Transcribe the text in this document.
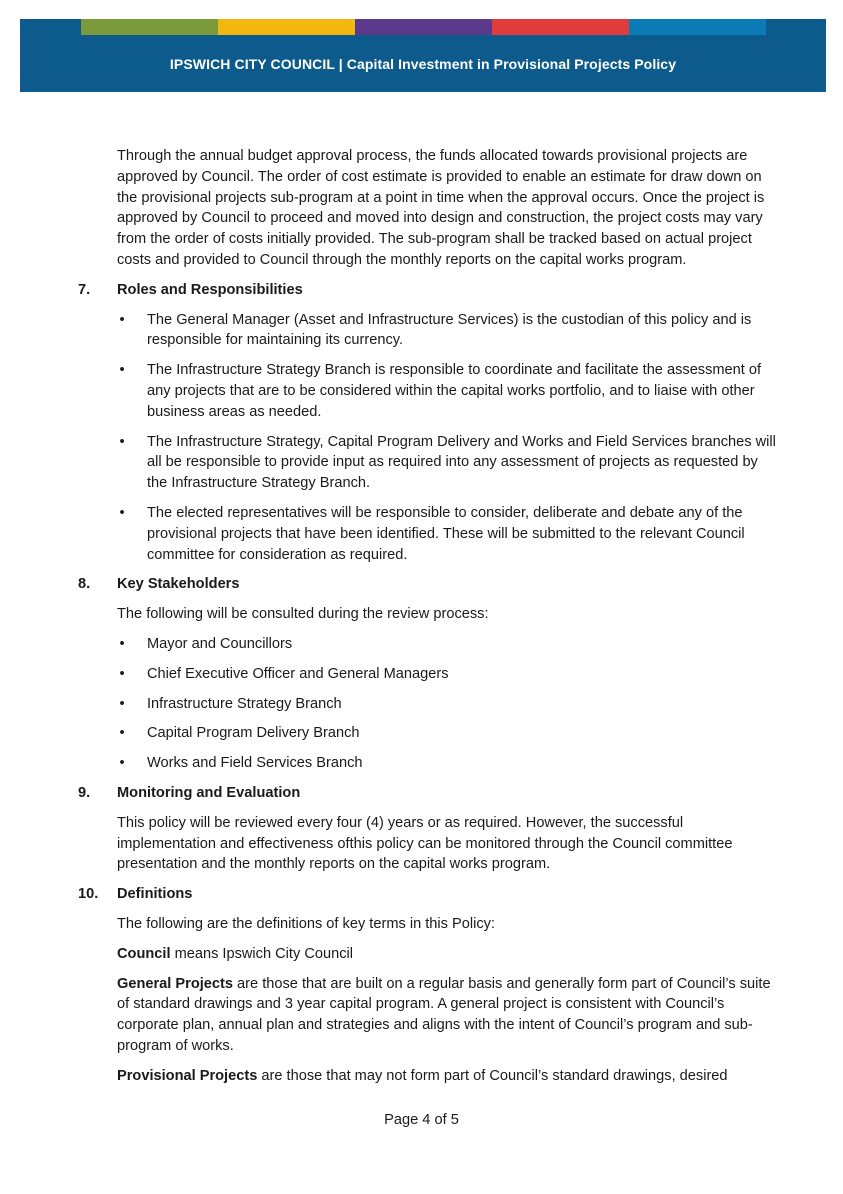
IPSWICH CITY COUNCIL | Capital Investment in Provisional Projects Policy

Through the annual budget approval process, the funds allocated towards provisional projects are approved by Council. The order of cost estimate is provided to enable an estimate for draw down on the provisional projects sub-program at a point in time when the approval occurs. Once the project is approved by Council to proceed and moved into design and construction, the project costs may vary from the order of costs initially provided. The sub-program shall be tracked based on actual project costs and provided to Council through the monthly reports on the capital works program.

7.	Roles and Responsibilities
• The General Manager (Asset and Infrastructure Services) is the custodian of this policy and is responsible for maintaining its currency.
• The Infrastructure Strategy Branch is responsible to coordinate and facilitate the assessment of any projects that are to be considered within the capital works portfolio, and to liaise with other business areas as needed.
• The Infrastructure Strategy, Capital Program Delivery and Works and Field Services branches will all be responsible to provide input as required into any assessment of projects as requested by the Infrastructure Strategy Branch.
• The elected representatives will be responsible to consider, deliberate and debate any of the provisional projects that have been identified. These will be submitted to the relevant Council committee for consideration as required.
8.	Key Stakeholders

The following will be consulted during the review process:

• Mayor and Councillors
• Chief Executive Officer and General Managers
• Infrastructure Strategy Branch
• Capital Program Delivery Branch
• Works and Field Services Branch
9.	Monitoring and Evaluation

This policy will be reviewed every four (4) years or as required. However, the successful implementation and effectiveness ofthis policy can be monitored through the Council committee presentation and the monthly reports on the capital works program.

10.	Definitions

The following are the definitions of key terms in this Policy:

Council means Ipswich City Council

General Projects are those that are built on a regular basis and generally form part of Council’s suite of standard drawings and 3 year capital program. A general project is consistent with Council’s corporate plan, annual plan and strategies and aligns with the intent of Council’s program and sub-program of works.

Provisional Projects are those that may not form part of Council’s standard drawings, desired

Page 4 of 5
